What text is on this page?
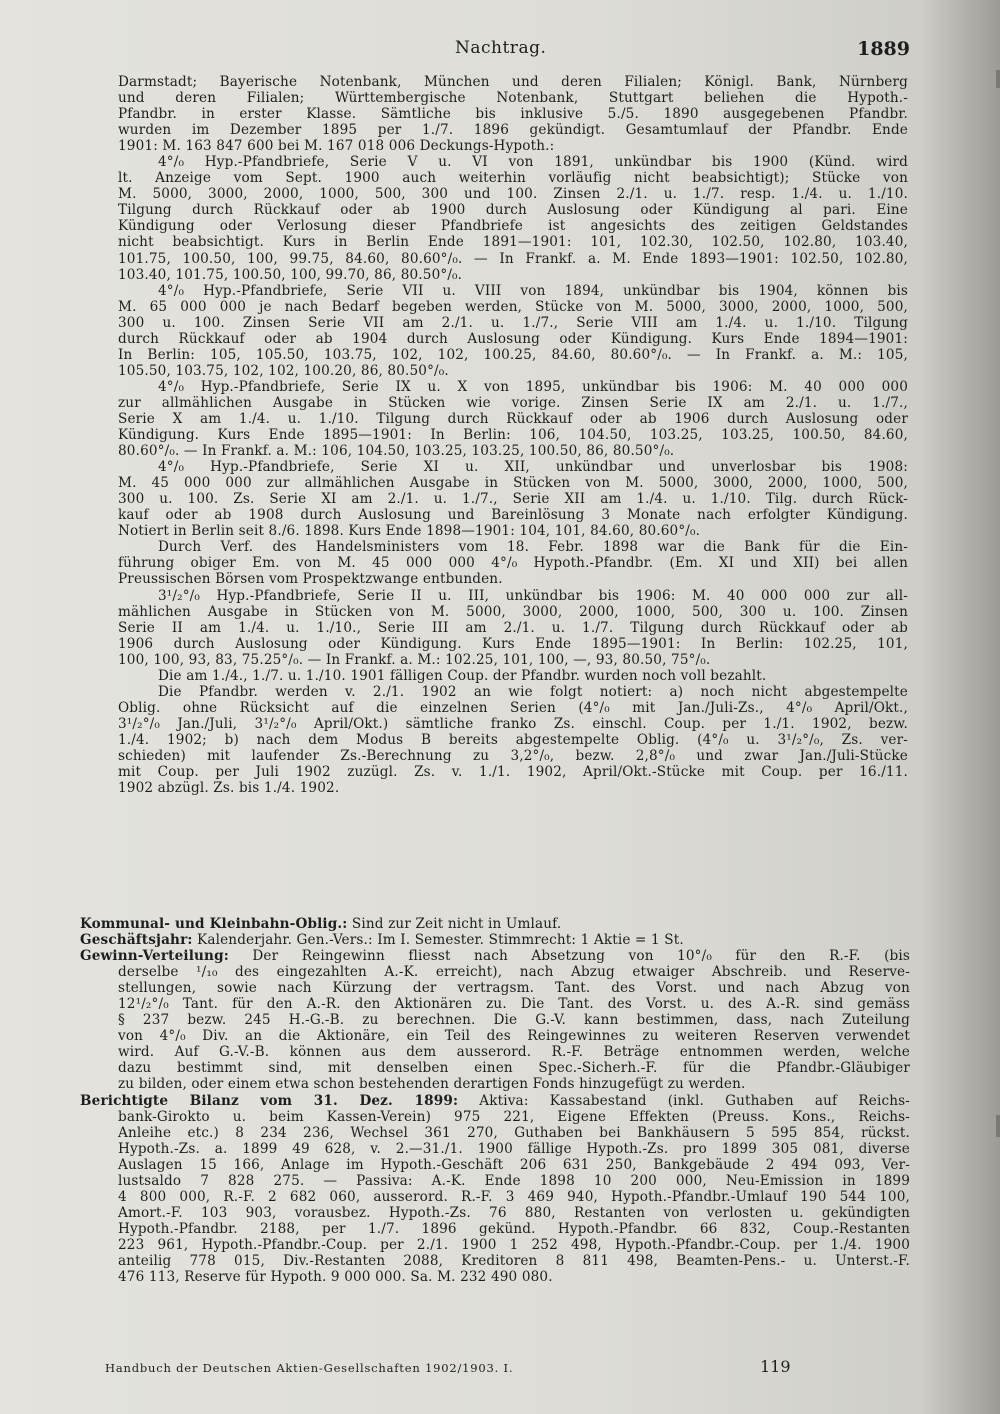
Nachtrag.	1889

Darmstadt; Bayerische Notenbank, München und deren Filialen; Königl. Bank, Nürnberg
und deren Filialen; Württembergische Notenbank, Stuttgart beliehen die Hypoth.-
Pfandbr. in erster Klasse. Sämtliche bis inklusive 5./5. 1890 ausgegebenen Pfandbr.
wurden im Dezember 1895 per 1./7. 1896 gekündigt. Gesamtumlauf der Pfandbr. Ende
1901: M. 163 847 600 bei M. 167 018 006 Deckungs-Hypoth.:

4°/₀ Hyp.-Pfandbriefe, Serie V u. VI von 1891, unkündbar bis 1900 (Künd. wird
lt. Anzeige vom Sept. 1900 auch weiterhin vorläufig nicht beabsichtigt); Stücke von
M. 5000, 3000, 2000, 1000, 500, 300 und 100. Zinsen 2./1. u. 1./7. resp. 1./4. u. 1./10.
Tilgung durch Rückkauf oder ab 1900 durch Auslosung oder Kündigung al pari. Eine
Kündigung oder Verlosung dieser Pfandbriefe ist angesichts des zeitigen Geldstandes
nicht beabsichtigt. Kurs in Berlin Ende 1891—1901: 101, 102.30, 102.50, 102.80, 103.40,
101.75, 100.50, 100, 99.75, 84.60, 80.60°/₀. — In Frankf. a. M. Ende 1893—1901: 102.50, 102.80,
103.40, 101.75, 100.50, 100, 99.70, 86, 80.50°/₀.

4°/₀ Hyp.-Pfandbriefe, Serie VII u. VIII von 1894, unkündbar bis 1904, können bis
M. 65 000 000 je nach Bedarf begeben werden, Stücke von M. 5000, 3000, 2000, 1000, 500,
300 u. 100. Zinsen Serie VII am 2./1. u. 1./7., Serie VIII am 1./4. u. 1./10. Tilgung
durch Rückkauf oder ab 1904 durch Auslosung oder Kündigung. Kurs Ende 1894—1901:
In Berlin: 105, 105.50, 103.75, 102, 102, 100.25, 84.60, 80.60°/₀. — In Frankf. a. M.: 105,
105.50, 103.75, 102, 102, 100.20, 86, 80.50°/₀.

4°/₀ Hyp.-Pfandbriefe, Serie IX u. X von 1895, unkündbar bis 1906: M. 40 000 000
zur allmählichen Ausgabe in Stücken wie vorige. Zinsen Serie IX am 2./1. u. 1./7.,
Serie X am 1./4. u. 1./10. Tilgung durch Rückkauf oder ab 1906 durch Auslosung oder
Kündigung. Kurs Ende 1895—1901: In Berlin: 106, 104.50, 103.25, 103.25, 100.50, 84.60,
80.60°/₀. — In Frankf. a. M.: 106, 104.50, 103.25, 103.25, 100.50, 86, 80.50°/₀.

4°/₀ Hyp.-Pfandbriefe, Serie XI u. XII, unkündbar und unverlosbar bis 1908:
M. 45 000 000 zur allmählichen Ausgabe in Stücken von M. 5000, 3000, 2000, 1000, 500,
300 u. 100. Zs. Serie XI am 2./1. u. 1./7., Serie XII am 1./4. u. 1./10. Tilg. durch Rück-
kauf oder ab 1908 durch Auslosung und Bareinlösung 3 Monate nach erfolgter Kündigung.
Notiert in Berlin seit 8./6. 1898. Kurs Ende 1898—1901: 104, 101, 84.60, 80.60°/₀.

Durch Verf. des Handelsministers vom 18. Febr. 1898 war die Bank für die Ein-
führung obiger Em. von M. 45 000 000 4°/₀ Hypoth.-Pfandbr. (Em. XI und XII) bei allen
Preussischen Börsen vom Prospektzwange entbunden.

3¹/₂°/₀ Hyp.-Pfandbriefe, Serie II u. III, unkündbar bis 1906: M. 40 000 000 zur all-
mählichen Ausgabe in Stücken von M. 5000, 3000, 2000, 1000, 500, 300 u. 100. Zinsen
Serie II am 1./4. u. 1./10., Serie III am 2./1. u. 1./7. Tilgung durch Rückkauf oder ab
1906 durch Auslosung oder Kündigung. Kurs Ende 1895—1901: In Berlin: 102.25, 101,
100, 100, 93, 83, 75.25°/₀. — In Frankf. a. M.: 102.25, 101, 100, —, 93, 80.50, 75°/₀.

Die am 1./4., 1./7. u. 1./10. 1901 fälligen Coup. der Pfandbr. wurden noch voll bezahlt.

Die Pfandbr. werden v. 2./1. 1902 an wie folgt notiert: a) noch nicht abgestempelte
Oblig. ohne Rücksicht auf die einzelnen Serien (4°/₀ mit Jan./Juli-Zs., 4°/₀ April/Okt.,
3¹/₂°/₀ Jan./Juli, 3¹/₂°/₀ April/Okt.) sämtliche franko Zs. einschl. Coup. per 1./1. 1902, bezw.
1./4. 1902; b) nach dem Modus B bereits abgestempelte Oblig. (4°/₀ u. 3¹/₂°/₀, Zs. ver-
schieden) mit laufender Zs.-Berechnung zu 3,2°/₀, bezw. 2,8°/₀ und zwar Jan./Juli-Stücke
mit Coup. per Juli 1902 zuzügl. Zs. v. 1./1. 1902, April/Okt.-Stücke mit Coup. per 16./11.
1902 abzügl. Zs. bis 1./4. 1902.

Kommunal- und Kleinbahn-Oblig.: Sind zur Zeit nicht in Umlauf.

Geschäftsjahr: Kalenderjahr. Gen.-Vers.: Im I. Semester. Stimmrecht: 1 Aktie = 1 St.

Gewinn-Verteilung: Der Reingewinn fliesst nach Absetzung von 10°/₀ für den R.-F. (bis
derselbe ¹/₁₀ des eingezahlten A.-K. erreicht), nach Abzug etwaiger Abschreib. und Reserve-
stellungen, sowie nach Kürzung der vertragsm. Tant. des Vorst. und nach Abzug von
12¹/₂°/₀ Tant. für den A.-R. den Aktionären zu. Die Tant. des Vorst. u. des A.-R. sind gemäss
§ 237 bezw. 245 H.-G.-B. zu berechnen. Die G.-V. kann bestimmen, dass, nach Zuteilung
von 4°/₀ Div. an die Aktionäre, ein Teil des Reingewinnes zu weiteren Reserven verwendet
wird. Auf G.-V.-B. können aus dem ausserord. R.-F. Beträge entnommen werden, welche
dazu bestimmt sind, mit denselben einen Spec.-Sicherh.-F. für die Pfandbr.-Gläubiger
zu bilden, oder einem etwa schon bestehenden derartigen Fonds hinzugefügt zu werden.

Berichtigte Bilanz vom 31. Dez. 1899: Aktiva: Kassabestand (inkl. Guthaben auf Reichs-
bank-Girokto u. beim Kassen-Verein) 975 221, Eigene Effekten (Preuss. Kons., Reichs-
Anleihe etc.) 8 234 236, Wechsel 361 270, Guthaben bei Bankhäusern 5 595 854, rückst.
Hypoth.-Zs. a. 1899 49 628, v. 2.—31./1. 1900 fällige Hypoth.-Zs. pro 1899 305 081, diverse
Auslagen 15 166, Anlage im Hypoth.-Geschäft 206 631 250, Bankgebäude 2 494 093, Ver-
lustsaldo 7 828 275. — Passiva: A.-K. Ende 1898 10 200 000, Neu-Emission in 1899
4 800 000, R.-F. 2 682 060, ausserord. R.-F. 3 469 940, Hypoth.-Pfandbr.-Umlauf 190 544 100,
Amort.-F. 103 903, vorausbez. Hypoth.-Zs. 76 880, Restanten von verlosten u. gekündigten
Hypoth.-Pfandbr. 2188, per 1./7. 1896 gekünd. Hypoth.-Pfandbr. 66 832, Coup.-Restanten
223 961, Hypoth.-Pfandbr.-Coup. per 2./1. 1900 1 252 498, Hypoth.-Pfandbr.-Coup. per 1./4. 1900
anteilig 778 015, Div.-Restanten 2088, Kreditoren 8 811 498, Beamten-Pens.- u. Unterst.-F.
476 113, Reserve für Hypoth. 9 000 000. Sa. M. 232 490 080.

Handbuch der Deutschen Aktien-Gesellschaften 1902/1903. I.	119
